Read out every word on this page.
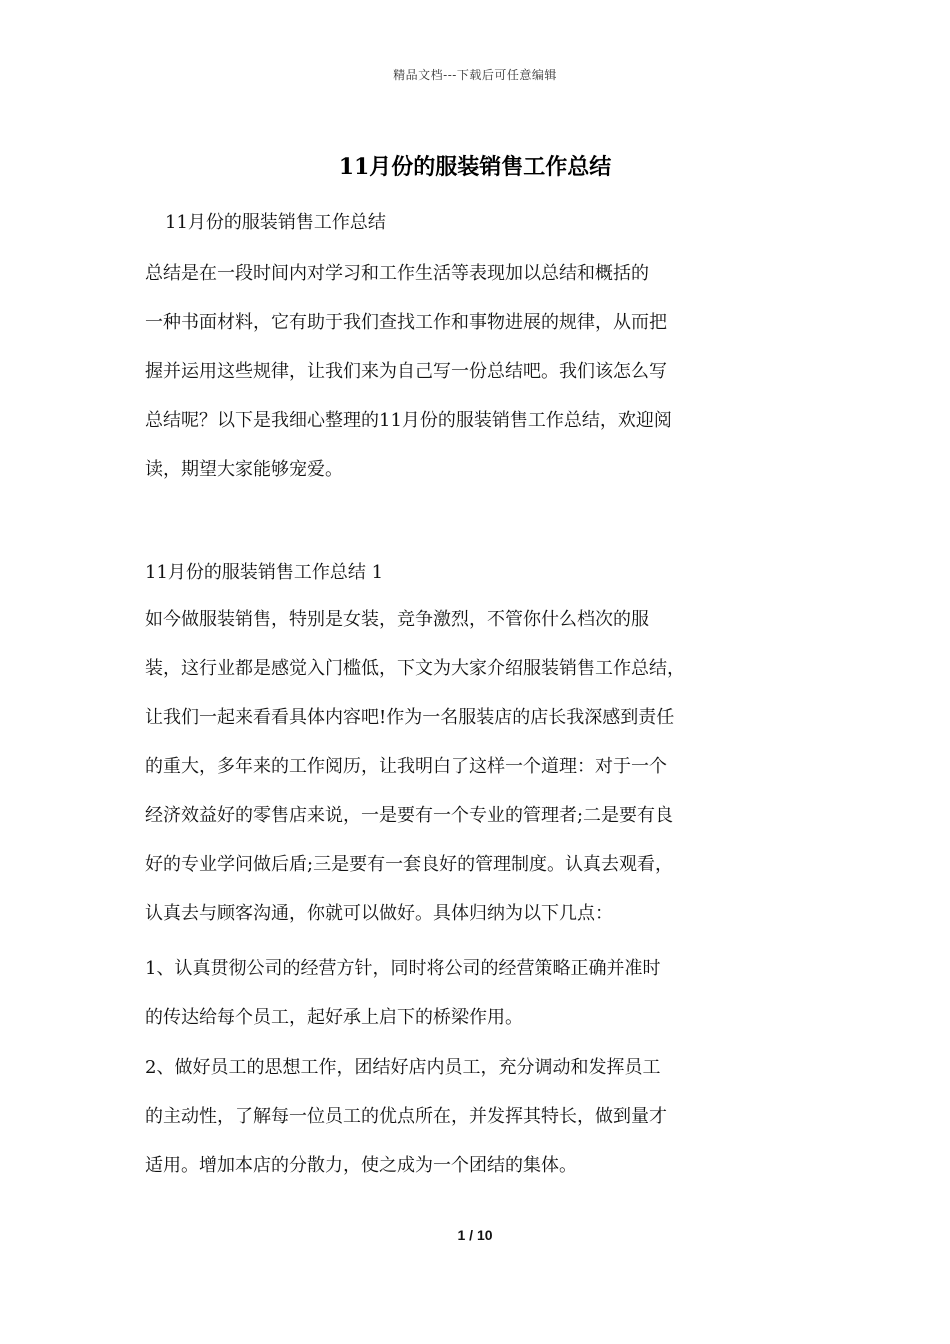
精品文档---下载后可任意编辑
11月份的服装销售工作总结
11月份的服装销售工作总结
总结是在一段时间内对学习和工作生活等表现加以总结和概括的
一种书面材料，它有助于我们查找工作和事物进展的规律，从而把
握并运用这些规律，让我们来为自己写一份总结吧。我们该怎么写
总结呢？以下是我细心整理的11月份的服装销售工作总结，欢迎阅
读，期望大家能够宠爱。
11月份的服装销售工作总结 1
如今做服装销售，特别是女装，竞争激烈，不管你什么档次的服
装，这行业都是感觉入门槛低，下文为大家介绍服装销售工作总结，
让我们一起来看看具体内容吧!作为一名服装店的店长我深感到责任
的重大，多年来的工作阅历，让我明白了这样一个道理：对于一个
经济效益好的零售店来说，一是要有一个专业的管理者;二是要有良
好的专业学问做后盾;三是要有一套良好的管理制度。认真去观看，
认真去与顾客沟通，你就可以做好。具体归纳为以下几点：
1、认真贯彻公司的经营方针，同时将公司的经营策略正确并准时
的传达给每个员工，起好承上启下的桥梁作用。
2、做好员工的思想工作，团结好店内员工，充分调动和发挥员工
的主动性，了解每一位员工的优点所在，并发挥其特长，做到量才
适用。增加本店的分散力，使之成为一个团结的集体。
1 / 10
